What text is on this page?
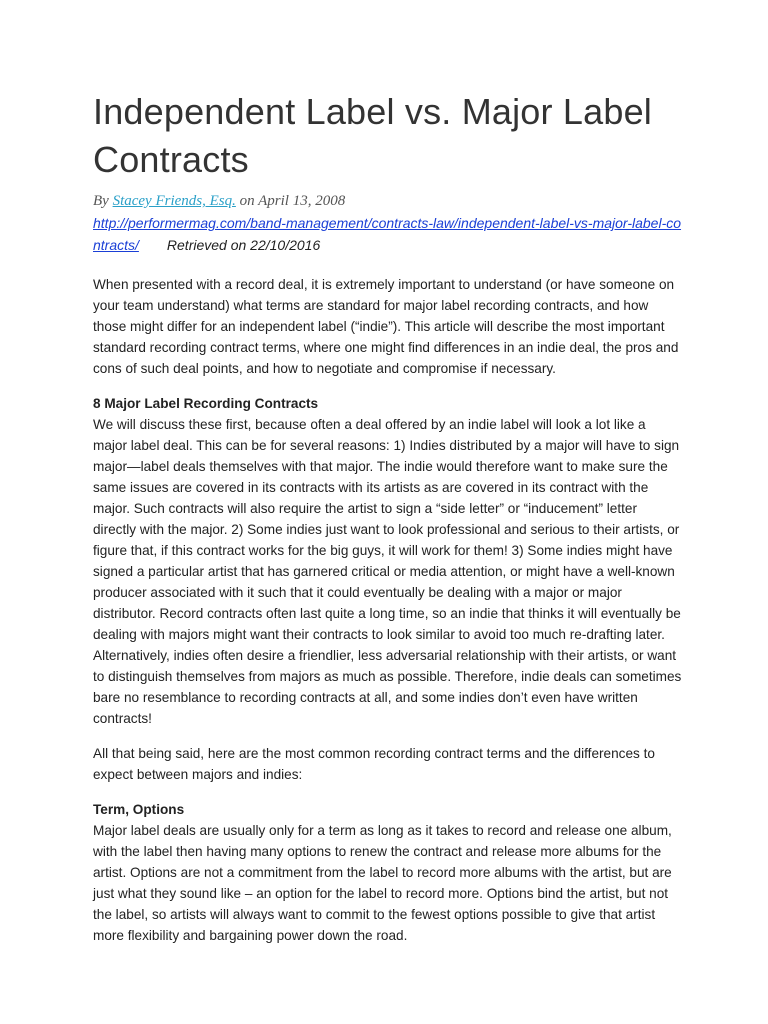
Independent Label vs. Major Label Contracts

By Stacey Friends, Esq. on April 13, 2008

http://performermag.com/band-management/contracts-law/independent-label-vs-major-label-contracts/ Retrieved on 22/10/2016

When presented with a record deal, it is extremely important to understand (or have someone on your team understand) what terms are standard for major label recording contracts, and how those might differ for an independent label (“indie”). This article will describe the most important standard recording contract terms, where one might find differences in an indie deal, the pros and cons of such deal points, and how to negotiate and compromise if necessary.

8 Major Label Recording Contracts

We will discuss these first, because often a deal offered by an indie label will look a lot like a major label deal. This can be for several reasons: 1) Indies distributed by a major will have to sign major—label deals themselves with that major. The indie would therefore want to make sure the same issues are covered in its contracts with its artists as are covered in its contract with the major. Such contracts will also require the artist to sign a “side letter” or “inducement” letter directly with the major. 2) Some indies just want to look professional and serious to their artists, or figure that, if this contract works for the big guys, it will work for them! 3) Some indies might have signed a particular artist that has garnered critical or media attention, or might have a well-known producer associated with it such that it could eventually be dealing with a major or major distributor. Record contracts often last quite a long time, so an indie that thinks it will eventually be dealing with majors might want their contracts to look similar to avoid too much re-drafting later. Alternatively, indies often desire a friendlier, less adversarial relationship with their artists, or want to distinguish themselves from majors as much as possible. Therefore, indie deals can sometimes bare no resemblance to recording contracts at all, and some indies don’t even have written contracts!

All that being said, here are the most common recording contract terms and the differences to expect between majors and indies:

Term, Options

Major label deals are usually only for a term as long as it takes to record and release one album, with the label then having many options to renew the contract and release more albums for the artist. Options are not a commitment from the label to record more albums with the artist, but are just what they sound like – an option for the label to record more. Options bind the artist, but not the label, so artists will always want to commit to the fewest options possible to give that artist more flexibility and bargaining power down the road.
